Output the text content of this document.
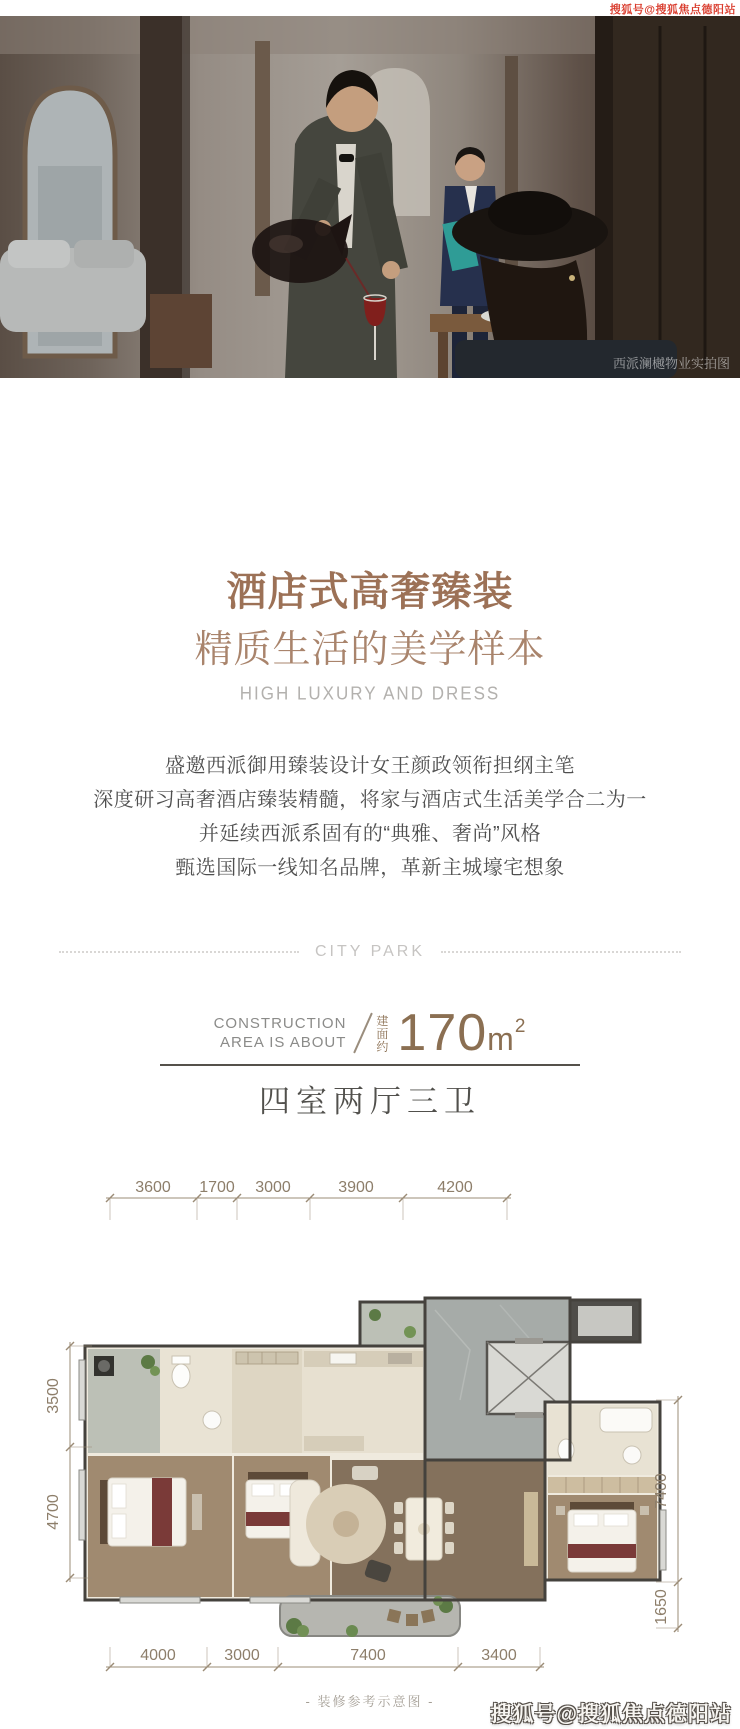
搜狐号@搜狐焦点德阳站
西派澜樾物业实拍图
酒店式高奢臻装
精质生活的美学样本
HIGH LUXURY AND DRESS
盛邀西派御用臻装设计女王颜政领衔担纲主笔
深度研习高奢酒店臻装精髓，将家与酒店式生活美学合二为一
并延续西派系固有的“典雅、奢尚”风格
甄选国际一线知名品牌，革新主城壕宅想象
CITY PARK
CONSTRUCTION
AREA IS ABOUT
建面约 $170m^2$
四室两厅三卫
3600 1700 3000	3900	4200
3500
4700
7400
1650
4000	3000	7400	3400
- 装修参考示意图 -
搜狐号@搜狐焦点德阳站
